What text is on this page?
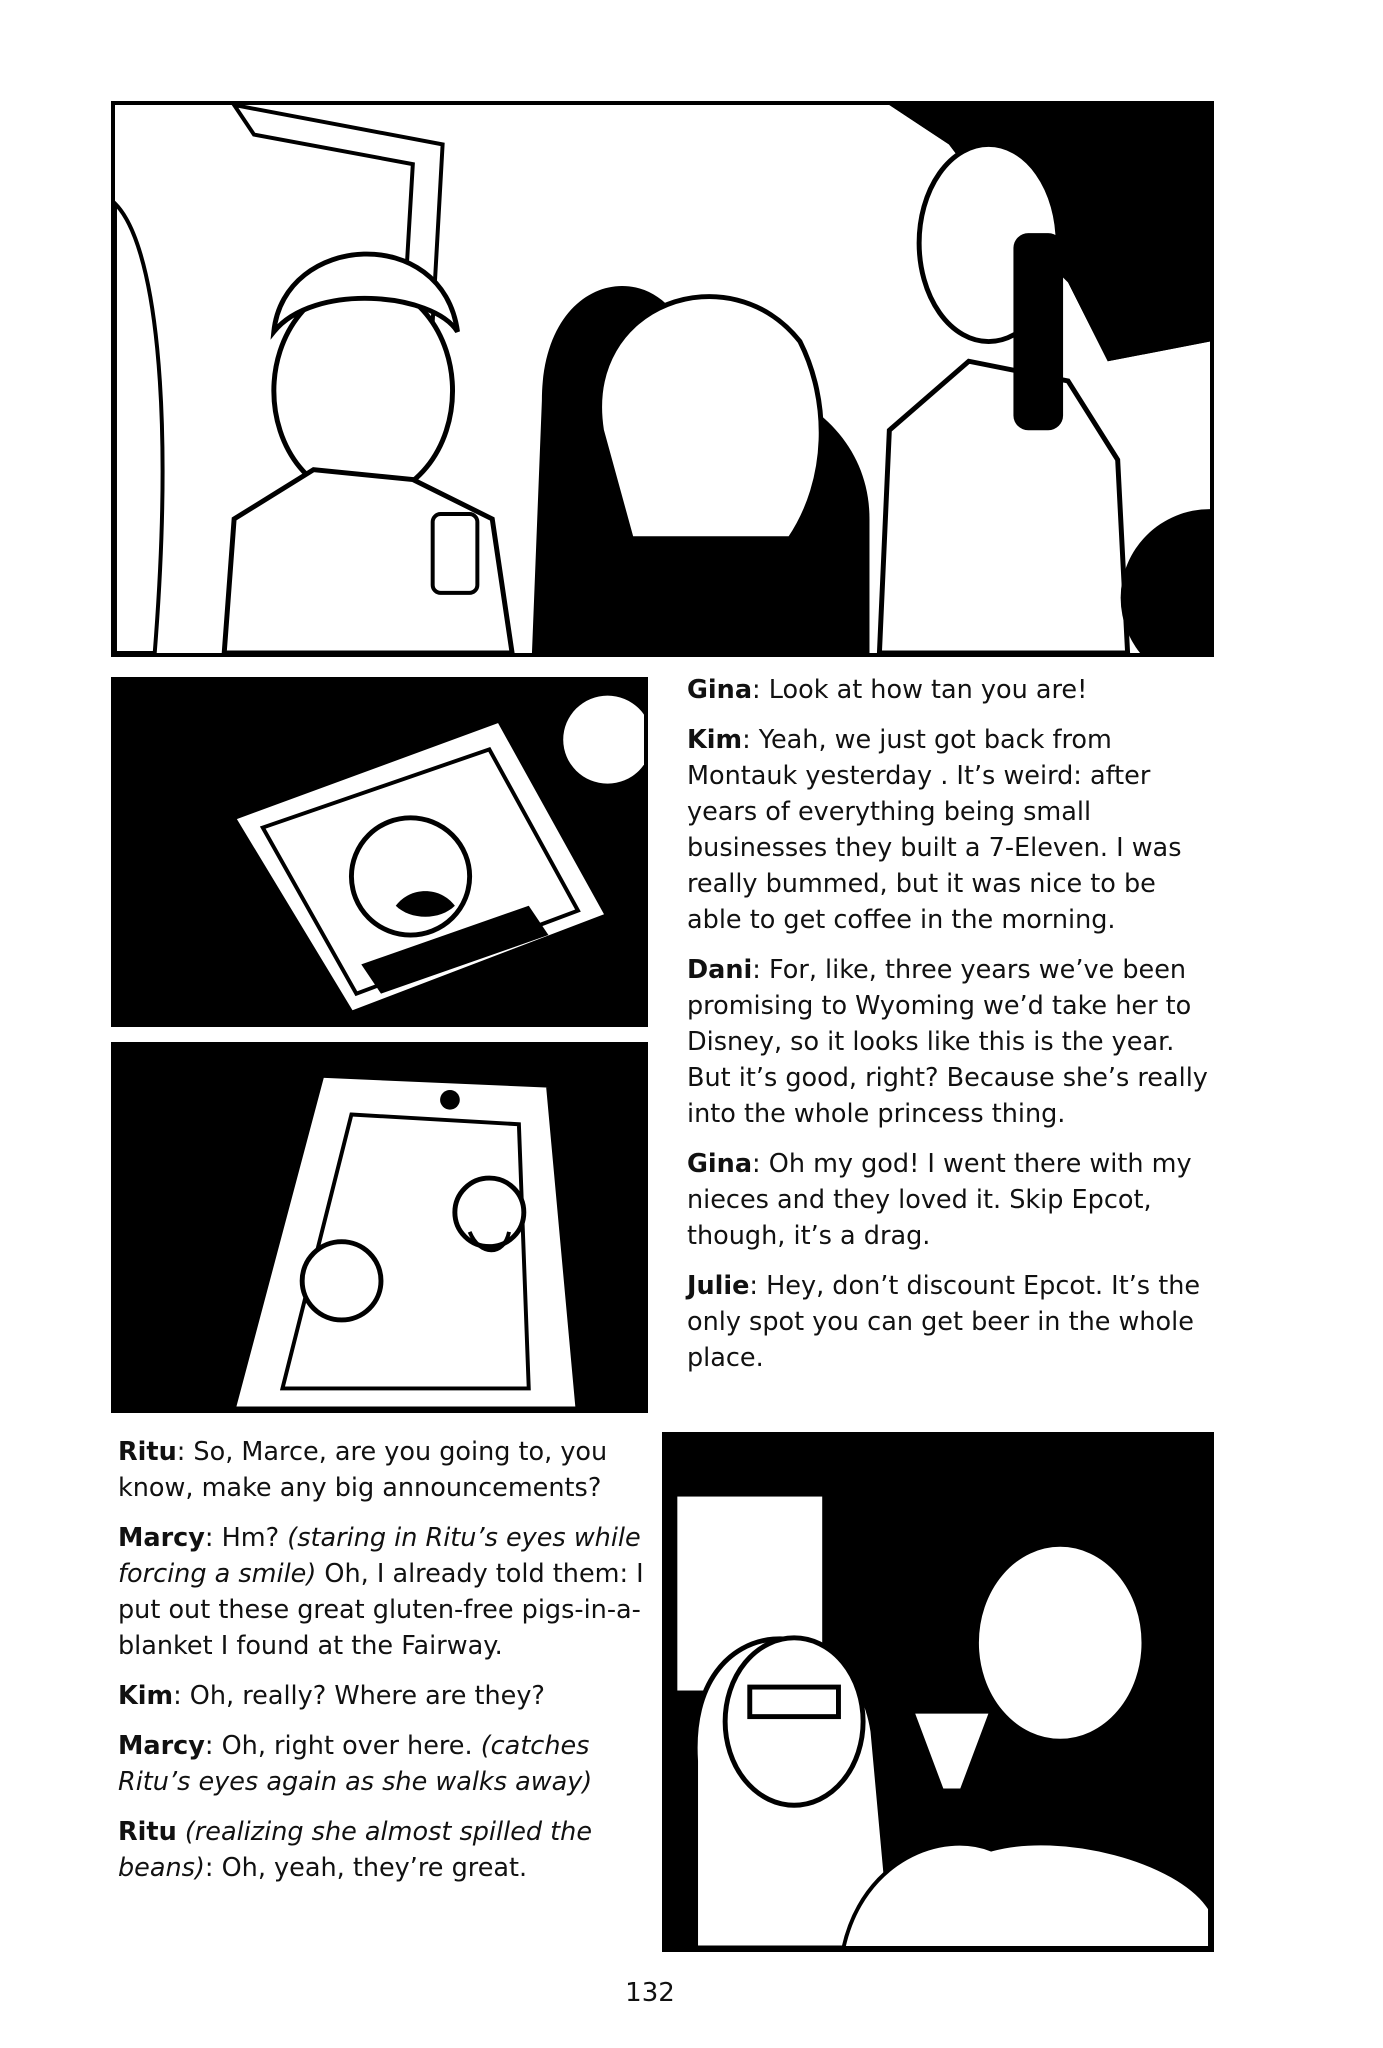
Gina: Look at how tan you are!

Kim: Yeah, we just got back from Montauk yesterday . It’s weird: after years of everything being small businesses they built a 7-Eleven. I was really bummed, but it was nice to be able to get coffee in the morning.

Dani: For, like, three years we’ve been promising to Wyoming we’d take her to Disney, so it looks like this is the year. But it’s good, right? Because she’s really into the whole princess thing.

Gina: Oh my god! I went there with my nieces and they loved it. Skip Epcot, though, it’s a drag.

Julie: Hey, don’t discount Epcot. It’s the only spot you can get beer in the whole place.

Ritu: So, Marce, are you going to, you know, make any big announcements?

Marcy: Hm? (staring in Ritu’s eyes while forcing a smile) Oh, I already told them: I put out these great gluten-free pigs-in-a-blanket I found at the Fairway.

Kim: Oh, really? Where are they?

Marcy: Oh, right over here. (catches Ritu’s eyes again as she walks away)

Ritu (realizing she almost spilled the beans): Oh, yeah, they’re great.

132
